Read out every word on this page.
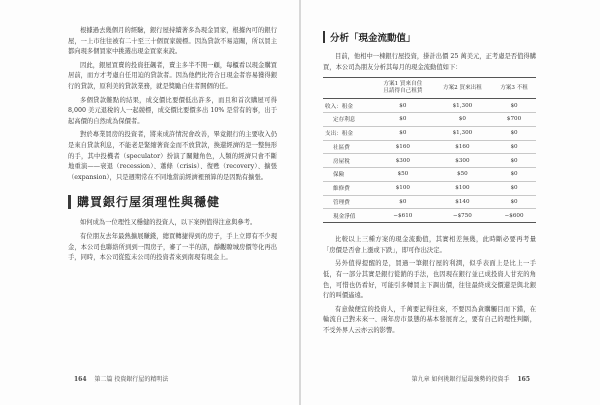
根據過去幾個月的經驗，銀行屋持續著多為現金買家，根據內可的銀行屋，一上市往往被有二十至三十個買家競標。因為貸款不易這關，所以買主都向現多個買家中挑選出現金買家來說。

因此，銀屋買賣的投資狂飆者，賣主多半不開一顧，每櫃看以現金購買居前，而方才考慮自任用迫的貸款者。因為他們比符合日現金者容易獲得銀行的貸款，原利美的貸款業務，就是獎勵自住者開個的任。

多個貸款難點的結果，成交價比要價低出許多，而且和首次購屋可得 8,000 美元退稅的人一起競標，成交價比要價多出 10% 是常有的事，出于起高價的自然成為保價者。

對於專業買房的投資者，將來成許情況會改善，畢竟銀行的主要收入仍是來自貸款利息，不能老是緊縮著資金而不放貸款，換還經濟的是一整無形的手，其中投機者（speculator）扮演了關鍵角色，人類的經濟只會不斷地重演——衰退（recession）、蕭條（crisis）、復甦（recovery）、擴張（expansion），只是週期常在不同地當前經濟裡預算的是因點有擴張。

購買銀行屋須理性與穩健

如何成為一位理性又穩健的投資人，以下案例值得注意與參考。

有位朋友去年最熱擴展賺錢，總買轉捷得到的房子，手上立即有不少現金，本公司也聯絡所到到一間房子，審了一半的訊，靜觀瞭城房價等化再出手，同時，本公司從監未公司的投資者來到南現有現金上。

164 第二篇 投資銀行屋的精明法
分析「現金流動值」

目前，他相中一棟銀行屋投資，掛計出價 25 萬美元，正考慮是否值得購買，本公司為朋友分析其每月的現金流動值如下：

	方案1 買來自住
且請得自己租賃	方案2 買來出租	方案3 不租
收入：租金	$0	$1,300	$0
定存利息	$0	$0	$700
支出：租金	$0	$1,300	$0
社區費	$160	$160	$0
房屋稅	$300	$300	$0
保險	$50	$50	$0
維修費	$100	$100	$0
管理費	$0	$140	$0
現金淨值	−$610	−$750	−$600

比較以上三種方案的現金流動值，其實相差無幾，此時斷必要再考量「房價是否會上漲或下跌」，即可作出決定。

另外值得提醒的是，買過一筆銀行屋的利潤，似乎表面上是比上一手低，有一部分其實是銀行從銷的手法，也因現在銀行並已成投資人甘充的角色，可惜也仍看好，可能引多轉買主下調出價，往往最終成交價還是與北銀行的叫價遙遠。

有意做便宜的投資人，千萬要記得往來，不要因為貪購觸目而下錯，在輪流自己對未來一、兩年房市景態的基本發展育之，要有自己的理性判斷，不受外界人云亦云的影響。

第九章 如何挑銀行屋最強勢的投資手 165
